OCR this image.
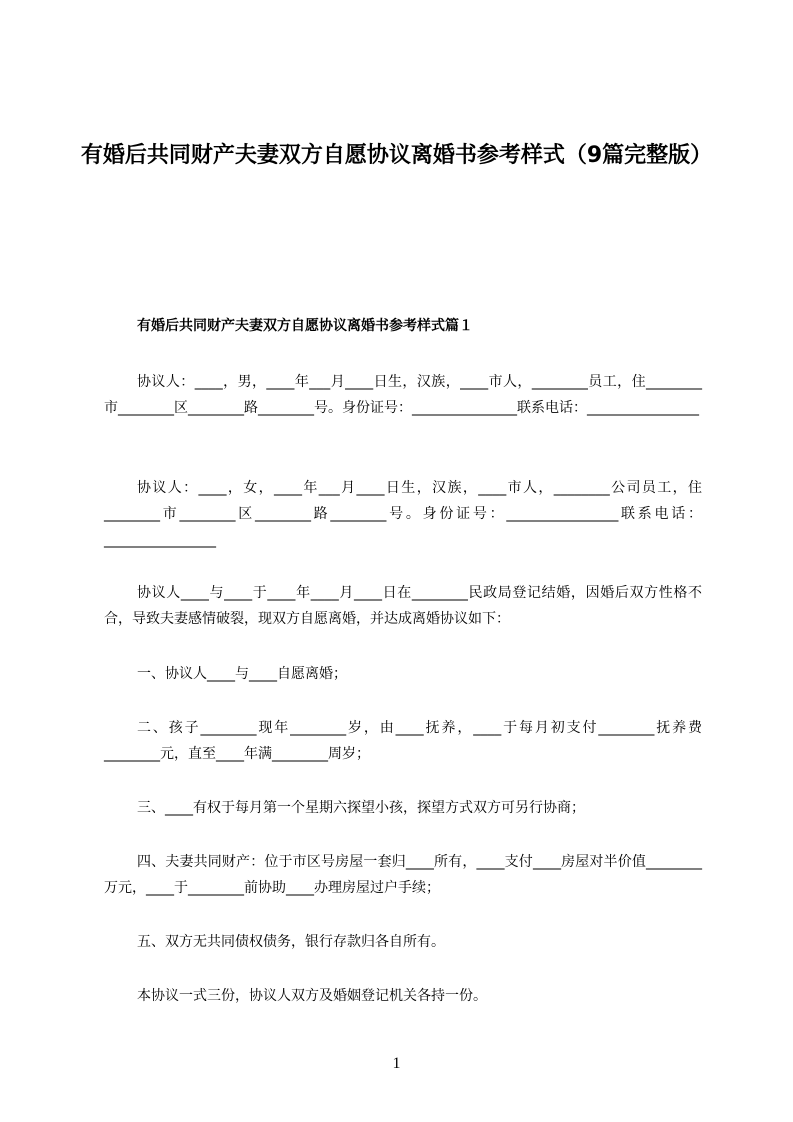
有婚后共同财产夫妻双方自愿协议离婚书参考样式（9篇完整版）
有婚后共同财产夫妻双方自愿协议离婚书参考样式篇１

协议人：____，男，____年___月____日生，汉族，____市人，________员工，住________市________区________路________号。身份证号：_______________联系电话：________________

协议人：____，女，____年___月____日生，汉族，____市人，________公司员工，住________市________区________路________号。身份证号：________________联系电话：________________

协议人____与____于____年____月____日在________民政局登记结婚，因婚后双方性格不合，导致夫妻感情破裂，现双方自愿离婚，并达成离婚协议如下：

一、协议人____与____自愿离婚；

二、孩子________现年________岁，由____抚养，____于每月初支付________抚养费________元，直至____年满________周岁；

三、____有权于每月第一个星期六探望小孩，探望方式双方可另行协商；

四、夫妻共同财产：位于市区号房屋一套归____所有，____支付____房屋对半价值________万元，____于________前协助____办理房屋过户手续；

五、双方无共同债权债务，银行存款归各自所有。

本协议一式三份，协议人双方及婚姻登记机关各持一份。

1
